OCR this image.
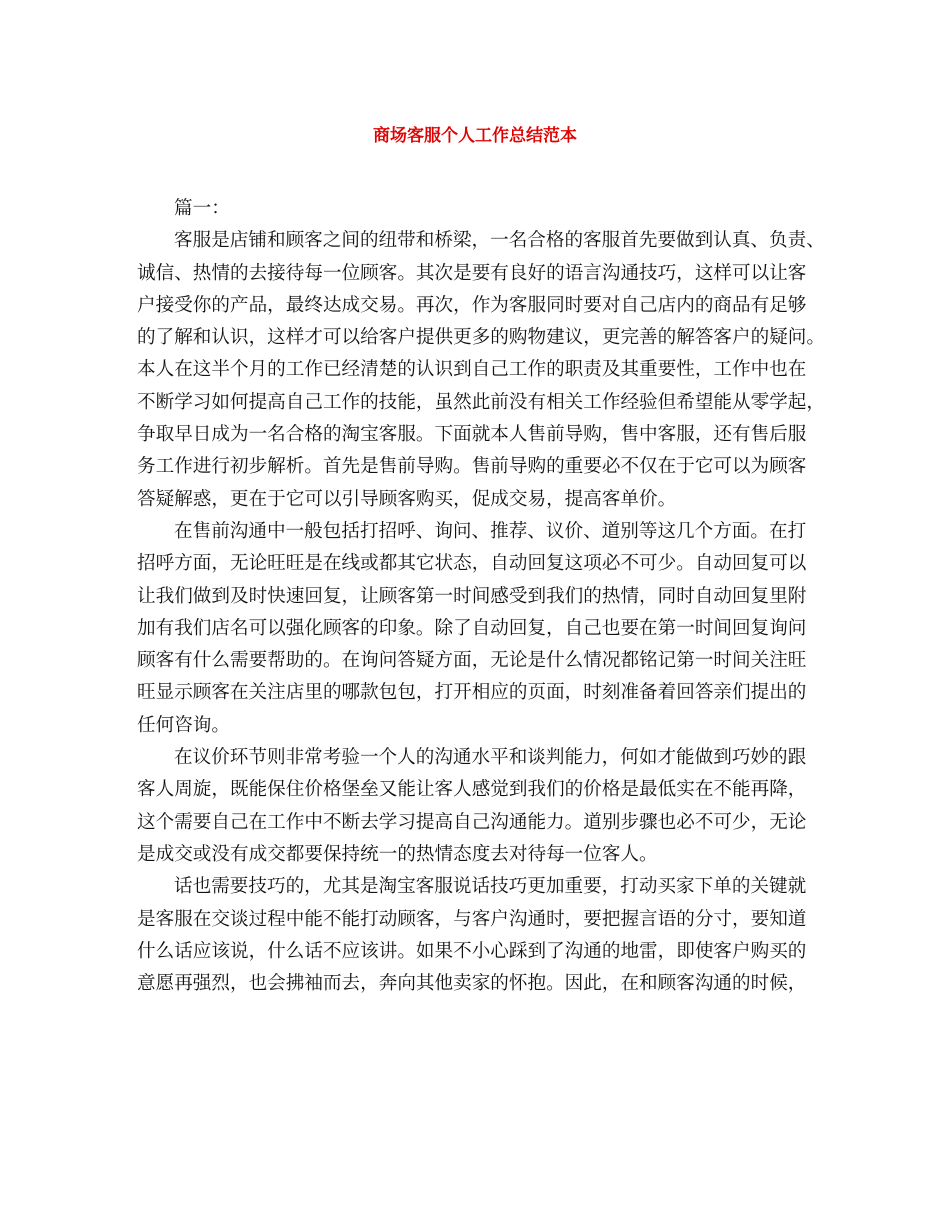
商场客服个人工作总结范本
篇一：
客服是店铺和顾客之间的纽带和桥梁，一名合格的客服首先要做到认真、负责、
诚信、热情的去接待每一位顾客。其次是要有良好的语言沟通技巧，这样可以让客
户接受你的产品，最终达成交易。再次，作为客服同时要对自己店内的商品有足够
的了解和认识，这样才可以给客户提供更多的购物建议，更完善的解答客户的疑问。
本人在这半个月的工作已经清楚的认识到自己工作的职责及其重要性，工作中也在
不断学习如何提高自己工作的技能，虽然此前没有相关工作经验但希望能从零学起，
争取早日成为一名合格的淘宝客服。下面就本人售前导购，售中客服，还有售后服
务工作进行初步解析。首先是售前导购。售前导购的重要必不仅在于它可以为顾客
答疑解惑，更在于它可以引导顾客购买，促成交易，提高客单价。
在售前沟通中一般包括打招呼、询问、推荐、议价、道别等这几个方面。在打
招呼方面，无论旺旺是在线或都其它状态，自动回复这项必不可少。自动回复可以
让我们做到及时快速回复，让顾客第一时间感受到我们的热情，同时自动回复里附
加有我们店名可以强化顾客的印象。除了自动回复，自己也要在第一时间回复询问
顾客有什么需要帮助的。在询问答疑方面，无论是什么情况都铭记第一时间关注旺
旺显示顾客在关注店里的哪款包包，打开相应的页面，时刻准备着回答亲们提出的
任何咨询。
在议价环节则非常考验一个人的沟通水平和谈判能力，何如才能做到巧妙的跟
客人周旋，既能保住价格堡垒又能让客人感觉到我们的价格是最低实在不能再降，
这个需要自己在工作中不断去学习提高自己沟通能力。道别步骤也必不可少，无论
是成交或没有成交都要保持统一的热情态度去对待每一位客人。
话也需要技巧的，尤其是淘宝客服说话技巧更加重要，打动买家下单的关键就
是客服在交谈过程中能不能打动顾客，与客户沟通时，要把握言语的分寸，要知道
什么话应该说，什么话不应该讲。如果不小心踩到了沟通的地雷，即使客户购买的
意愿再强烈，也会拂袖而去，奔向其他卖家的怀抱。因此，在和顾客沟通的时候，
